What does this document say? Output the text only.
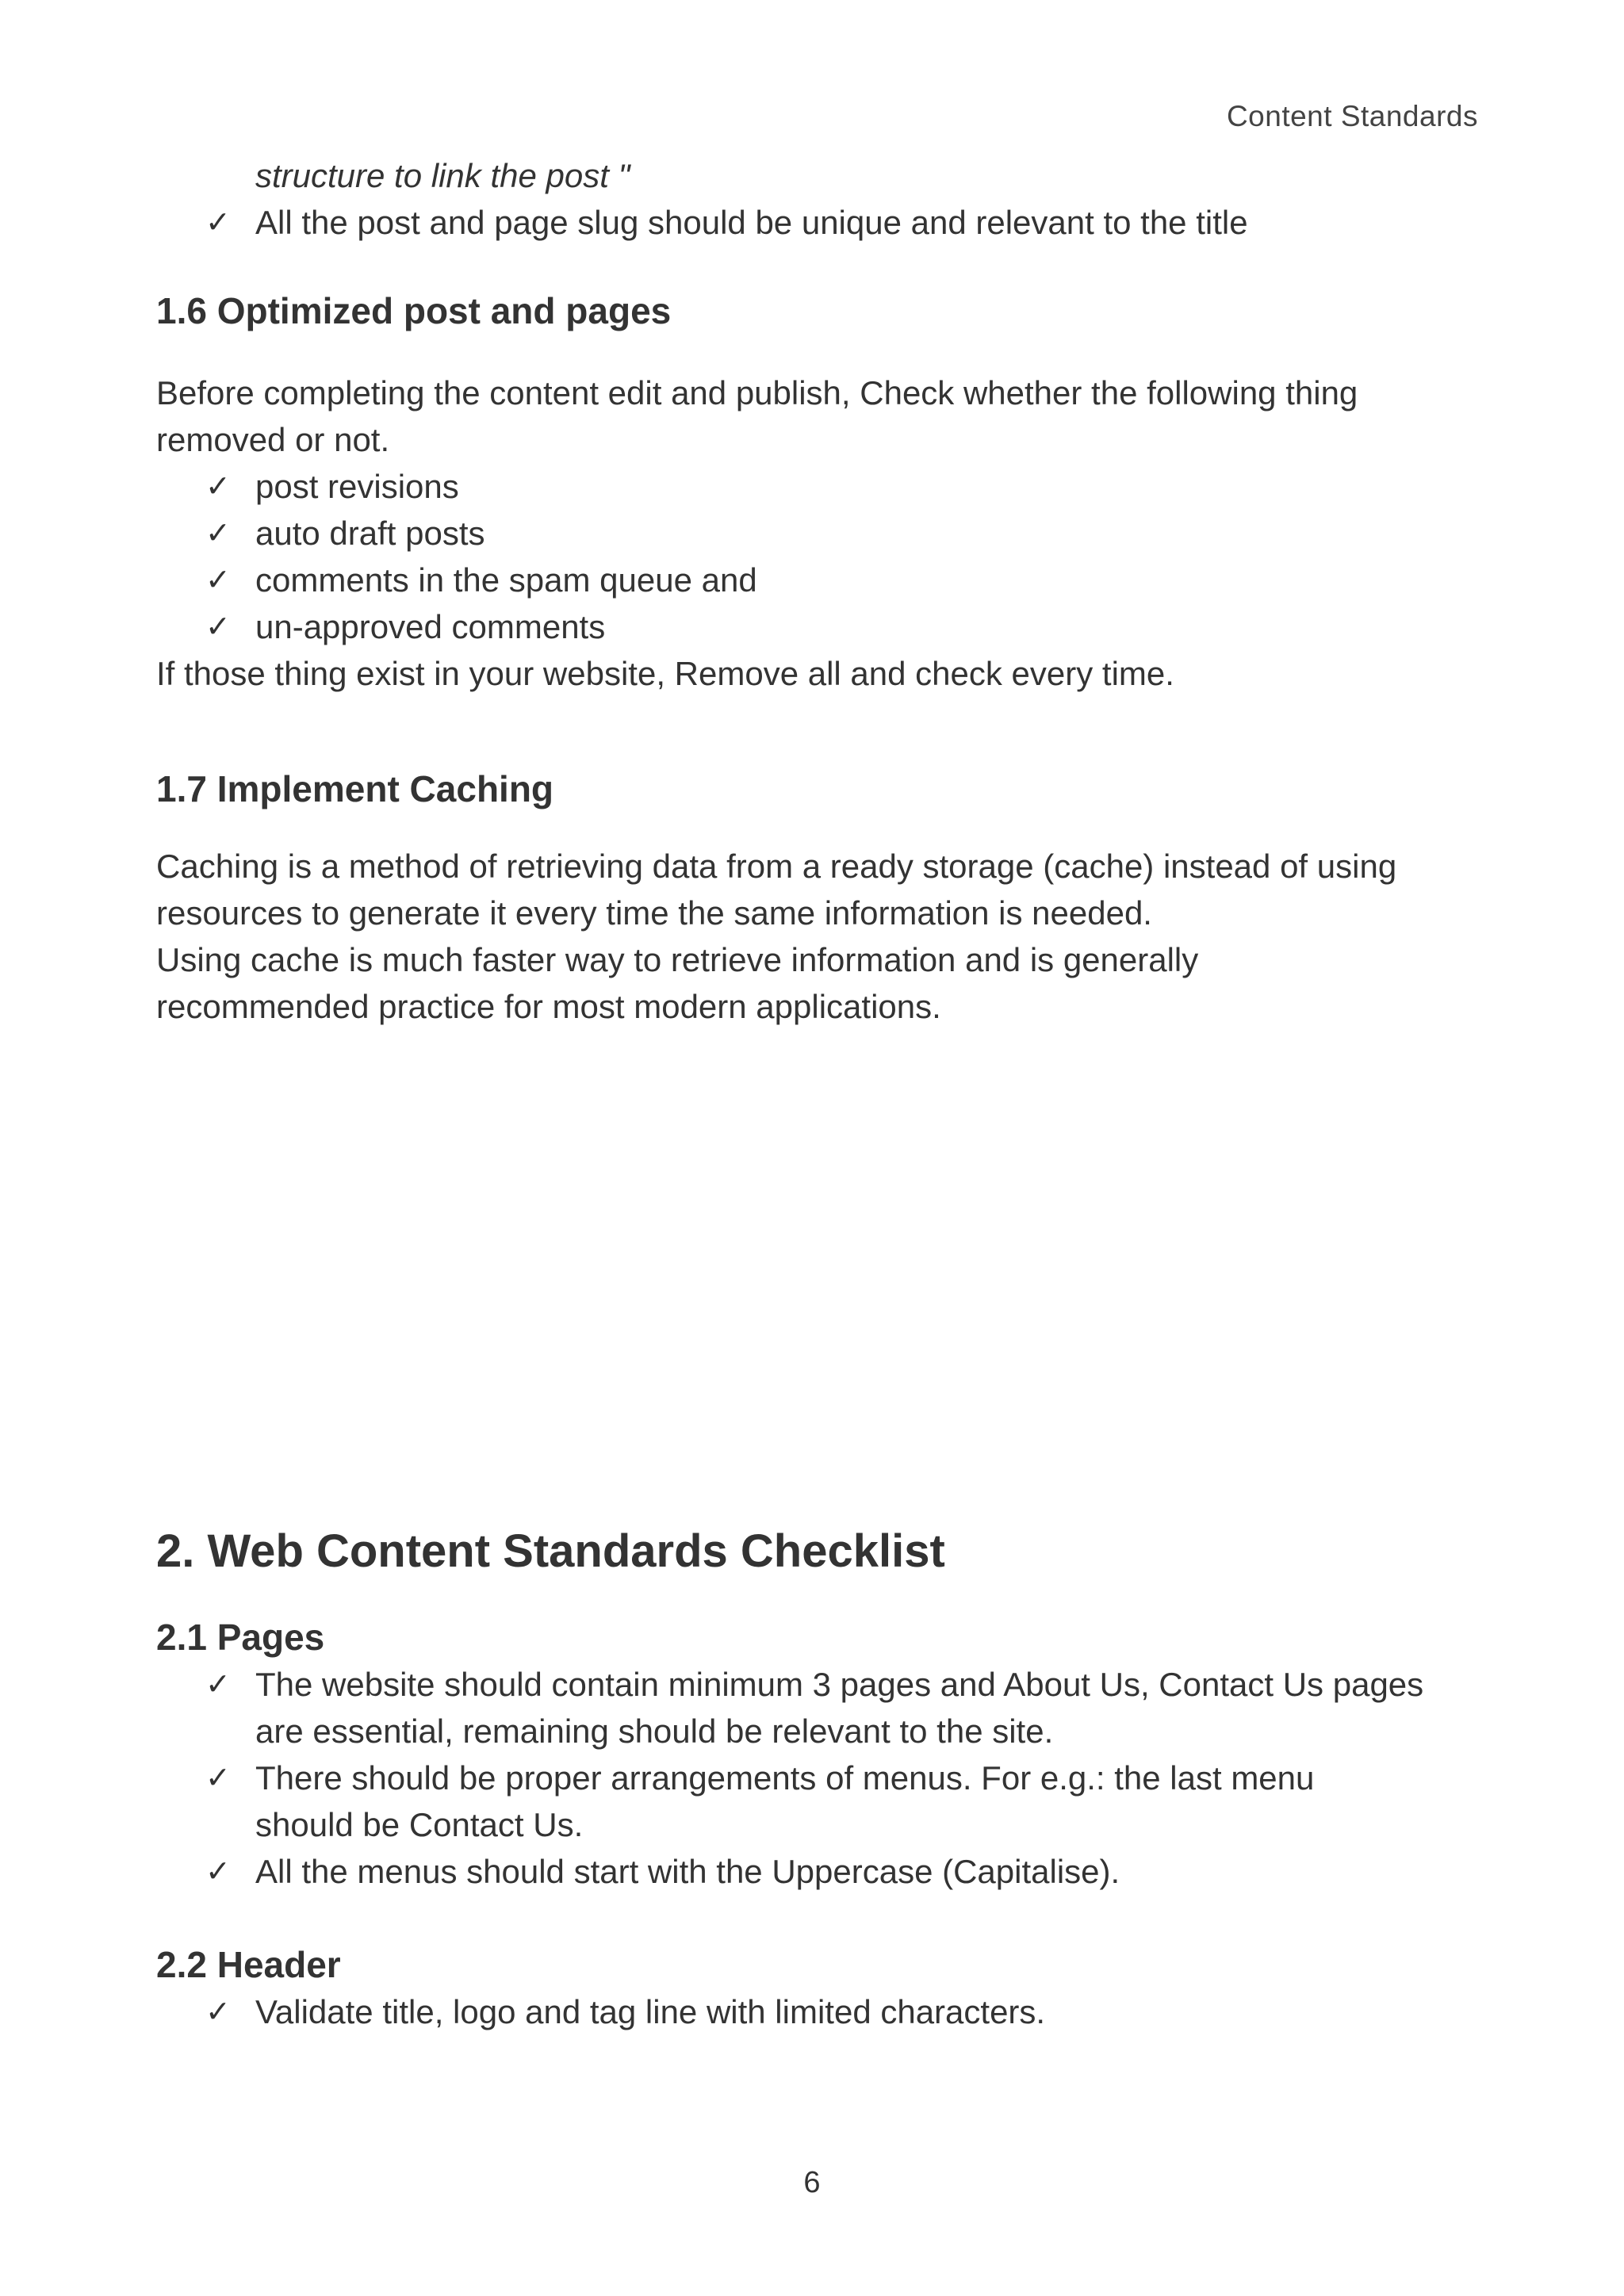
Content Standards
structure to link the post "
✓ All the post and page slug should be unique and relevant to the title
1.6 Optimized post and pages

Before completing the content edit and publish, Check whether the following thing

removed or not.

✓ post revisions
✓ auto draft posts
✓ comments in the spam queue and
✓ un-approved comments

If those thing exist in your website, Remove all and check every time.

1.7 Implement Caching

Caching is a method of retrieving data from a ready storage (cache) instead of using

resources to generate it every time the same information is needed.

Using cache is much faster way to retrieve information and is generally

recommended practice for most modern applications.

2. Web Content Standards Checklist
2.1 Pages
✓ The website should contain minimum 3 pages and About Us, Contact Us pages
are essential, remaining should be relevant to the site.
✓ There should be proper arrangements of menus. For e.g.: the last menu
should be Contact Us.
✓ All the menus should start with the Uppercase (Capitalise).
2.2 Header
✓ Validate title, logo and tag line with limited characters.
6
